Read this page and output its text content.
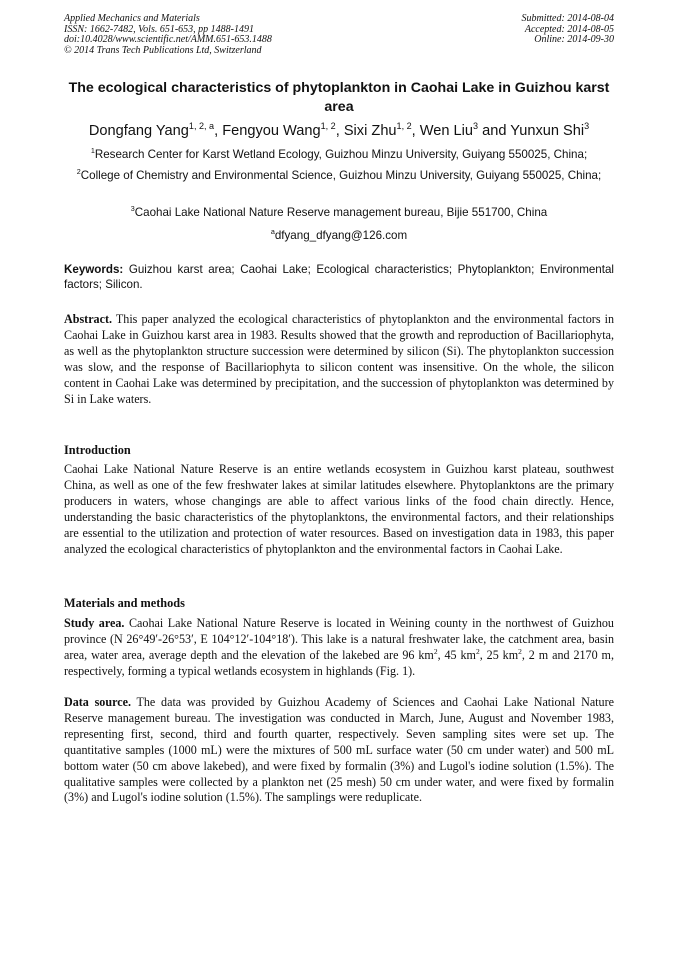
Applied Mechanics and Materials
ISSN: 1662-7482, Vols. 651-653, pp 1488-1491
doi:10.4028/www.scientific.net/AMM.651-653.1488
© 2014 Trans Tech Publications Ltd, Switzerland
Submitted: 2014-08-04
Accepted: 2014-08-05
Online: 2014-09-30
The ecological characteristics of phytoplankton in Caohai Lake in Guizhou karst area
Dongfang Yang$^{1, 2, a}$, Fengyou Wang$^{1, 2}$, Sixi Zhu$^{1, 2}$, Wen Liu$^3$ and Yunxun Shi$^3$
$^1$Research Center for Karst Wetland Ecology, Guizhou Minzu University, Guiyang 550025, China;
$^2$College of Chemistry and Environmental Science, Guizhou Minzu University, Guiyang 550025, China;
$^3$Caohai Lake National Nature Reserve management bureau, Bijie 551700, China
$^a$dfyang_dfyang@126.com
Keywords: Guizhou karst area; Caohai Lake; Ecological characteristics; Phytoplankton; Environmental factors; Silicon.
Abstract. This paper analyzed the ecological characteristics of phytoplankton and the environmental factors in Caohai Lake in Guizhou karst area in 1983. Results showed that the growth and reproduction of Bacillariophyta, as well as the phytoplankton structure succession were determined by silicon (Si). The phytoplankton succession was slow, and the response of Bacillariophyta to silicon content was insensitive. On the whole, the silicon content in Caohai Lake was determined by precipitation, and the succession of phytoplankton was determined by Si in Lake waters.
Introduction
Caohai Lake National Nature Reserve is an entire wetlands ecosystem in Guizhou karst plateau, southwest China, as well as one of the few freshwater lakes at similar latitudes elsewhere. Phytoplanktons are the primary producers in waters, whose changings are able to affect various links of the food chain directly. Hence, understanding the basic characteristics of the phytoplanktons, the environmental factors, and their relationships are essential to the utilization and protection of water resources. Based on investigation data in 1983, this paper analyzed the ecological characteristics of phytoplankton and the environmental factors in Caohai Lake.
Materials and methods
Study area. Caohai Lake National Nature Reserve is located in Weining county in the northwest of Guizhou province (N 26°49′-26°53′, E 104°12′-104°18′). This lake is a natural freshwater lake, the catchment area, basin area, water area, average depth and the elevation of the lakebed are 96 $km^2$, 45 $km^2$, 25 $km^2$, 2 m and 2170 m, respectively, forming a typical wetlands ecosystem in highlands (Fig. 1).
Data source. The data was provided by Guizhou Academy of Sciences and Caohai Lake National Nature Reserve management bureau. The investigation was conducted in March, June, August and November 1983, representing first, second, third and fourth quarter, respectively. Seven sampling sites were set up. The quantitative samples (1000 mL) were the mixtures of 500 mL surface water (50 cm under water) and 500 mL bottom water (50 cm above lakebed), and were fixed by formalin (3%) and Lugol's iodine solution (1.5%). The qualitative samples were collected by a plankton net (25 mesh) 50 cm under water, and were fixed by formalin (3%) and Lugol's iodine solution (1.5%). The samplings were reduplicate.
